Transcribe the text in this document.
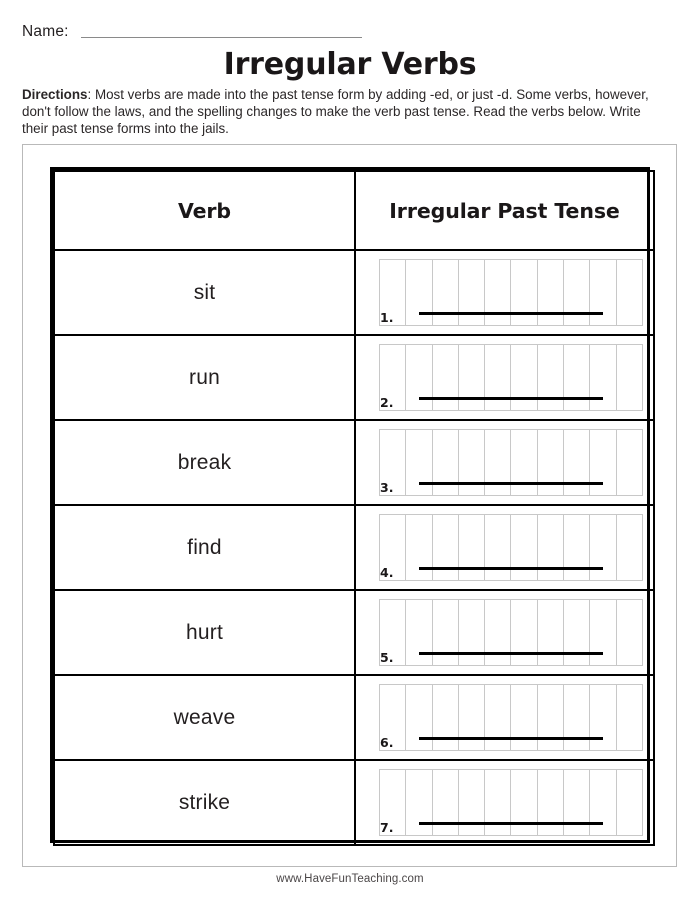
Name:
Irregular Verbs
Directions: Most verbs are made into the past tense form by adding -ed, or just -d. Some verbs, however, don't follow the laws, and the spelling changes to make the verb past tense. Read the verbs below. Write their past tense forms into the jails.
Verb	Irregular Past Tense
sit	1.

run	2.

break	3.

find	4.

hurt	5.

weave	6.

strike	7.
www.HaveFunTeaching.com
